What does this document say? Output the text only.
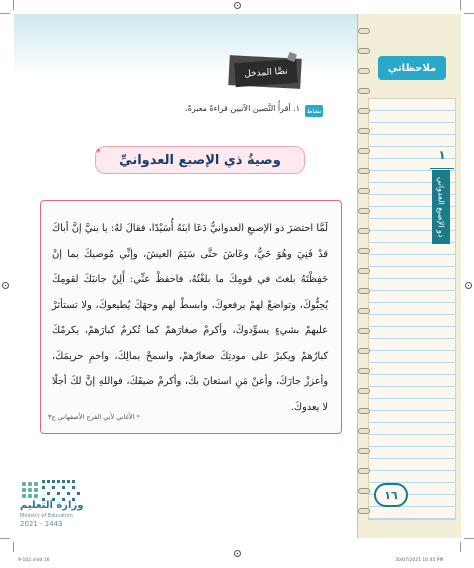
ملاحظاتي
١
ذو الإصبع العدواني
١٦
نصَّا المدخل
نشاط
١. أقرأُ النَّصين الآتيين قراءةً معبرةً.
وصيةُ ذي الإصبع العدوانيِّ
*
لَمَّا احتضرَ ذو الإصبعِ العدوانيُّ دَعَا ابنَهُ أُسَيْدًا، فقالَ لهُ: يا بنيَّ إنَّ أباكَ قدْ فَنِيَ وهُوَ حَيٌّ، وعَاشَ حتَّى سَئِمَ العيشَ، وإنِّي مُوصيكَ بما إنْ حَفِظْتَهُ بلغتَ في قومِكَ ما بلغْتُهُ، فاحفظْ عنِّي: أَلِنْ جانبَكَ لقومِكَ يُحِبُّوكَ، وتواضعْ لهمْ يرفعوكَ، وابسطْ لهم وجهَكَ يُطيعوكَ، ولا تستأثرْ عليهمْ بشيءٍ يسوِّدوكَ، وأكرمْ صغارَهمْ كما تُكرمُ كبارَهمْ، يكرمْكَ كبارُهمْ ويكبرْ على مودتِكَ صغارُهمْ، واسمحْ بمالِكَ، واحمِ حريمَكَ، وأعززْ جارَكَ، وأعنْ مَنِ استعانَ بكَ، وأكرمْ ضيفَكَ، فواللهِ إنَّ لكَ أجلًا لا يعدوكَ.
* الأغاني لأبي الفرج الأصفهاني ج٣
وزارة التعليم
Ministry of Education
2021 - 1443
9-102.indd 16	30/07/2021 10:45 PM
